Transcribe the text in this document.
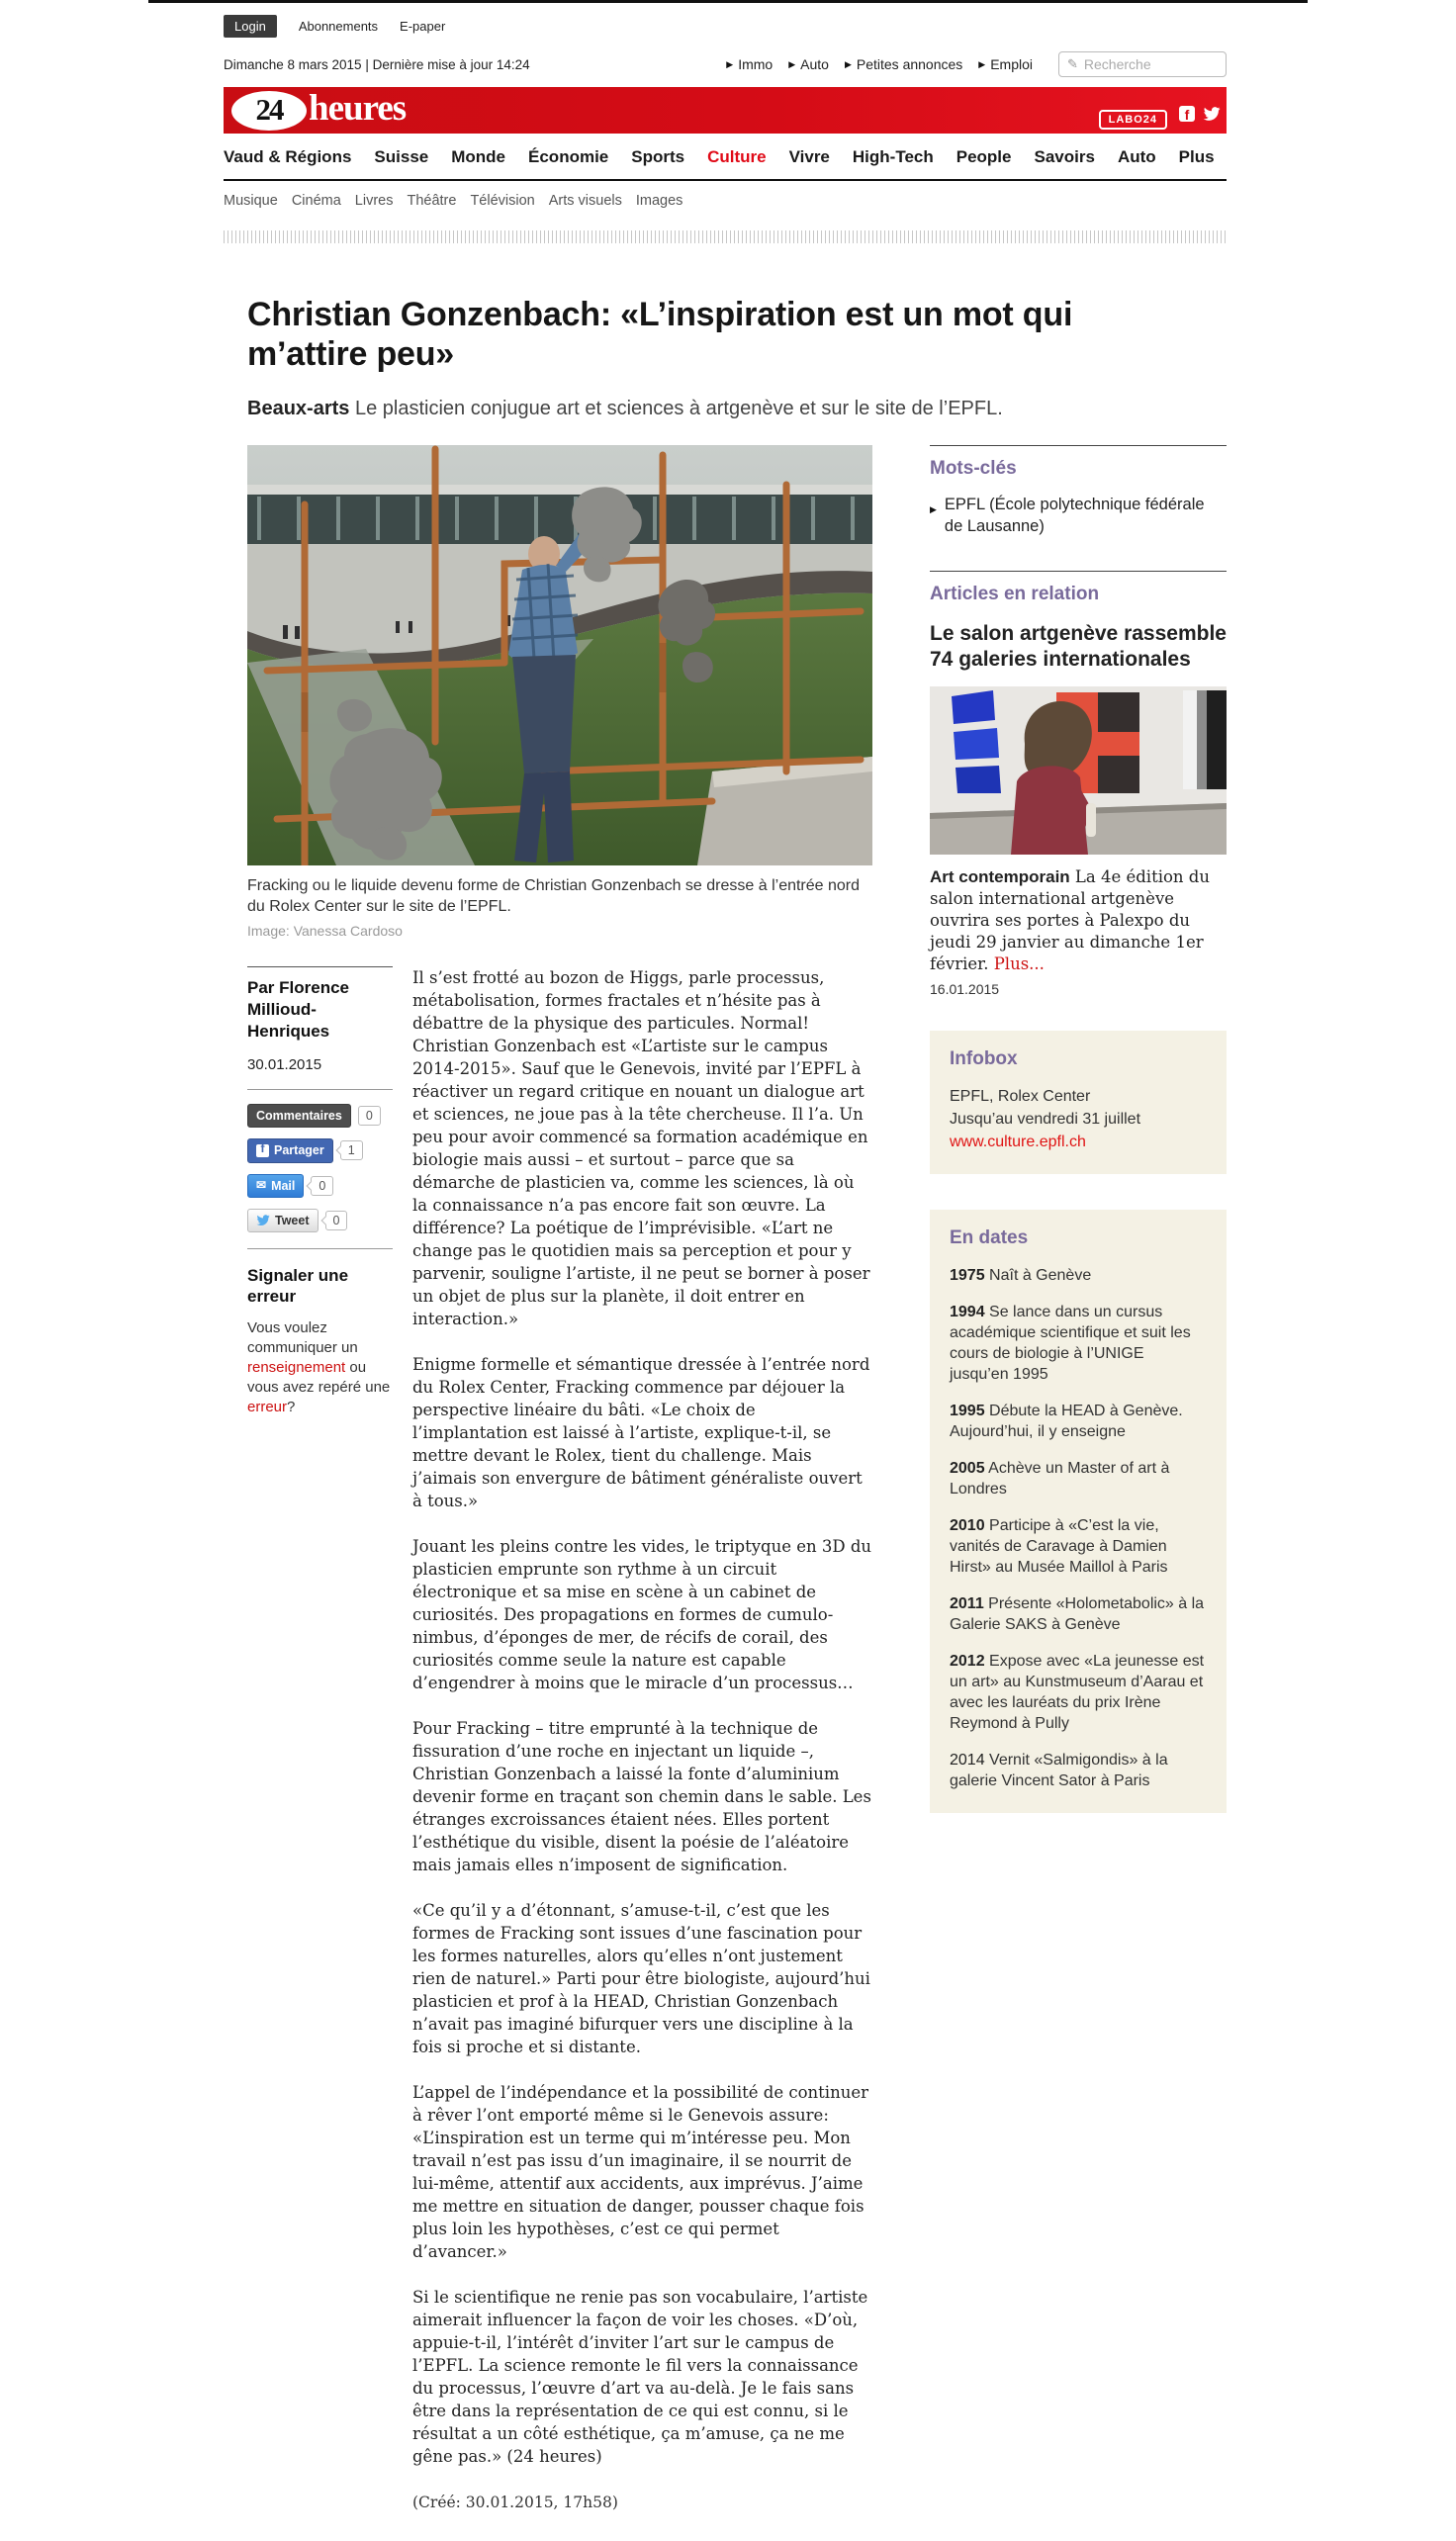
Login	Abonnements E-paper
Dimanche 8 mars 2015 | Dernière mise à jour 14:24	▶ Immo ▶ Auto ▶ Petites annonces ▶ Emploi	✎
Recherche
24 heures	LABO24	f
Vaud & Régions Suisse Monde Économie Sports Culture Vivre High-Tech People Savoirs Auto Plus
Musique Cinéma Livres Théâtre Télévision Arts visuels Images
Christian Gonzenbach: «L’inspiration est un mot qui m’attire peu»

Beaux-arts Le plasticien conjugue art et sciences à artgenève et sur le site de l’EPFL.

Fracking ou le liquide devenu forme de Christian Gonzenbach se dresse à l’entrée nord du Rolex Center sur le site de l’EPFL.
Image: Vanessa Cardoso
Par Florence Millioud-Henriques
30.01.2015
Commentaires	0
f Partager	1
✉ Mail	0
Tweet	0
Signaler une erreur

Vous voulez communiquer un renseignement ou vous avez repéré une erreur?

Il s’est frotté au bozon de Higgs, parle processus, métabolisation, formes fractales et n’hésite pas à débattre de la physique des particules. Normal! Christian Gonzenbach est «L’artiste sur le campus 2014-2015». Sauf que le Genevois, invité par l’EPFL à réactiver un regard critique en nouant un dialogue art et sciences, ne joue pas à la tête chercheuse. Il l’a. Un peu pour avoir commencé sa formation académique en biologie mais aussi – et surtout – parce que sa démarche de plasticien va, comme les sciences, là où la connaissance n’a pas encore fait son œuvre. La différence? La poétique de l’imprévisible. «L’art ne change pas le quotidien mais sa perception et pour y parvenir, souligne l’artiste, il ne peut se borner à poser un objet de plus sur la planète, il doit entrer en interaction.»

Enigme formelle et sémantique dressée à l’entrée nord du Rolex Center, Fracking commence par déjouer la perspective linéaire du bâti. «Le choix de l’implantation est laissé à l’artiste, explique-t-il, se mettre devant le Rolex, tient du challenge. Mais j’aimais son envergure de bâtiment généraliste ouvert à tous.»

Jouant les pleins contre les vides, le triptyque en 3D du plasticien emprunte son rythme à un circuit électronique et sa mise en scène à un cabinet de curiosités. Des propagations en formes de cumulo-nimbus, d’éponges de mer, de récifs de corail, des curiosités comme seule la nature est capable d’engendrer à moins que le miracle d’un processus…

Pour Fracking – titre emprunté à la technique de fissuration d’une roche en injectant un liquide –, Christian Gonzenbach a laissé la fonte d’aluminium devenir forme en traçant son chemin dans le sable. Les étranges excroissances étaient nées. Elles portent l’esthétique du visible, disent la poésie de l’aléatoire mais jamais elles n’imposent de signification.

«Ce qu’il y a d’étonnant, s’amuse-t-il, c’est que les formes de Fracking sont issues d’une fascination pour les formes naturelles, alors qu’elles n’ont justement rien de naturel.» Parti pour être biologiste, aujourd’hui plasticien et prof à la HEAD, Christian Gonzenbach n’avait pas imaginé bifurquer vers une discipline à la fois si proche et si distante.

L’appel de l’indépendance et la possibilité de continuer à rêver l’ont emporté même si le Genevois assure: «L’inspiration est un terme qui m’intéresse peu. Mon travail n’est pas issu d’un imaginaire, il se nourrit de lui-même, attentif aux accidents, aux imprévus. J’aime me mettre en situation de danger, pousser chaque fois plus loin les hypothèses, c’est ce qui permet d’avancer.»

Si le scientifique ne renie pas son vocabulaire, l’artiste aimerait influencer la façon de voir les choses. «D’où, appuie-t-il, l’intérêt d’inviter l’art sur le campus de l’EPFL. La science remonte le fil vers la connaissance du processus, l’œuvre d’art va au-delà. Je le fais sans être dans la représentation de ce qui est connu, si le résultat a un côté esthétique, ça m’amuse, ça ne me gêne pas.» (24 heures)

(Créé: 30.01.2015, 17h58)
Mots-clés
▶ EPFL (École polytechnique fédérale de Lausanne)
Articles en relation
Le salon artgenève rassemble 74 galeries internationales

Art contemporain La 4e édition du salon international artgenève ouvrira ses portes à Palexpo du jeudi 29 janvier au dimanche 1er février. Plus...

16.01.2015
Infobox
EPFL, Rolex Center
Jusqu’au vendredi 31 juillet
www.culture.epfl.ch
En dates
1975 Naît à Genève
1994 Se lance dans un cursus académique scientifique et suit les cours de biologie à l’UNIGE jusqu’en 1995
1995 Débute la HEAD à Genève. Aujourd’hui, il y enseigne
2005 Achève un Master of art à Londres
2010 Participe à «C’est la vie, vanités de Caravage à Damien Hirst» au Musée Maillol à Paris
2011 Présente «Holometabolic» à la Galerie SAKS à Genève
2012 Expose avec «La jeunesse est un art» au Kunstmuseum d’Aarau et avec les lauréats du prix Irène Reymond à Pully
2014 Vernit «Salmigondis» à la galerie Vincent Sator à Paris
